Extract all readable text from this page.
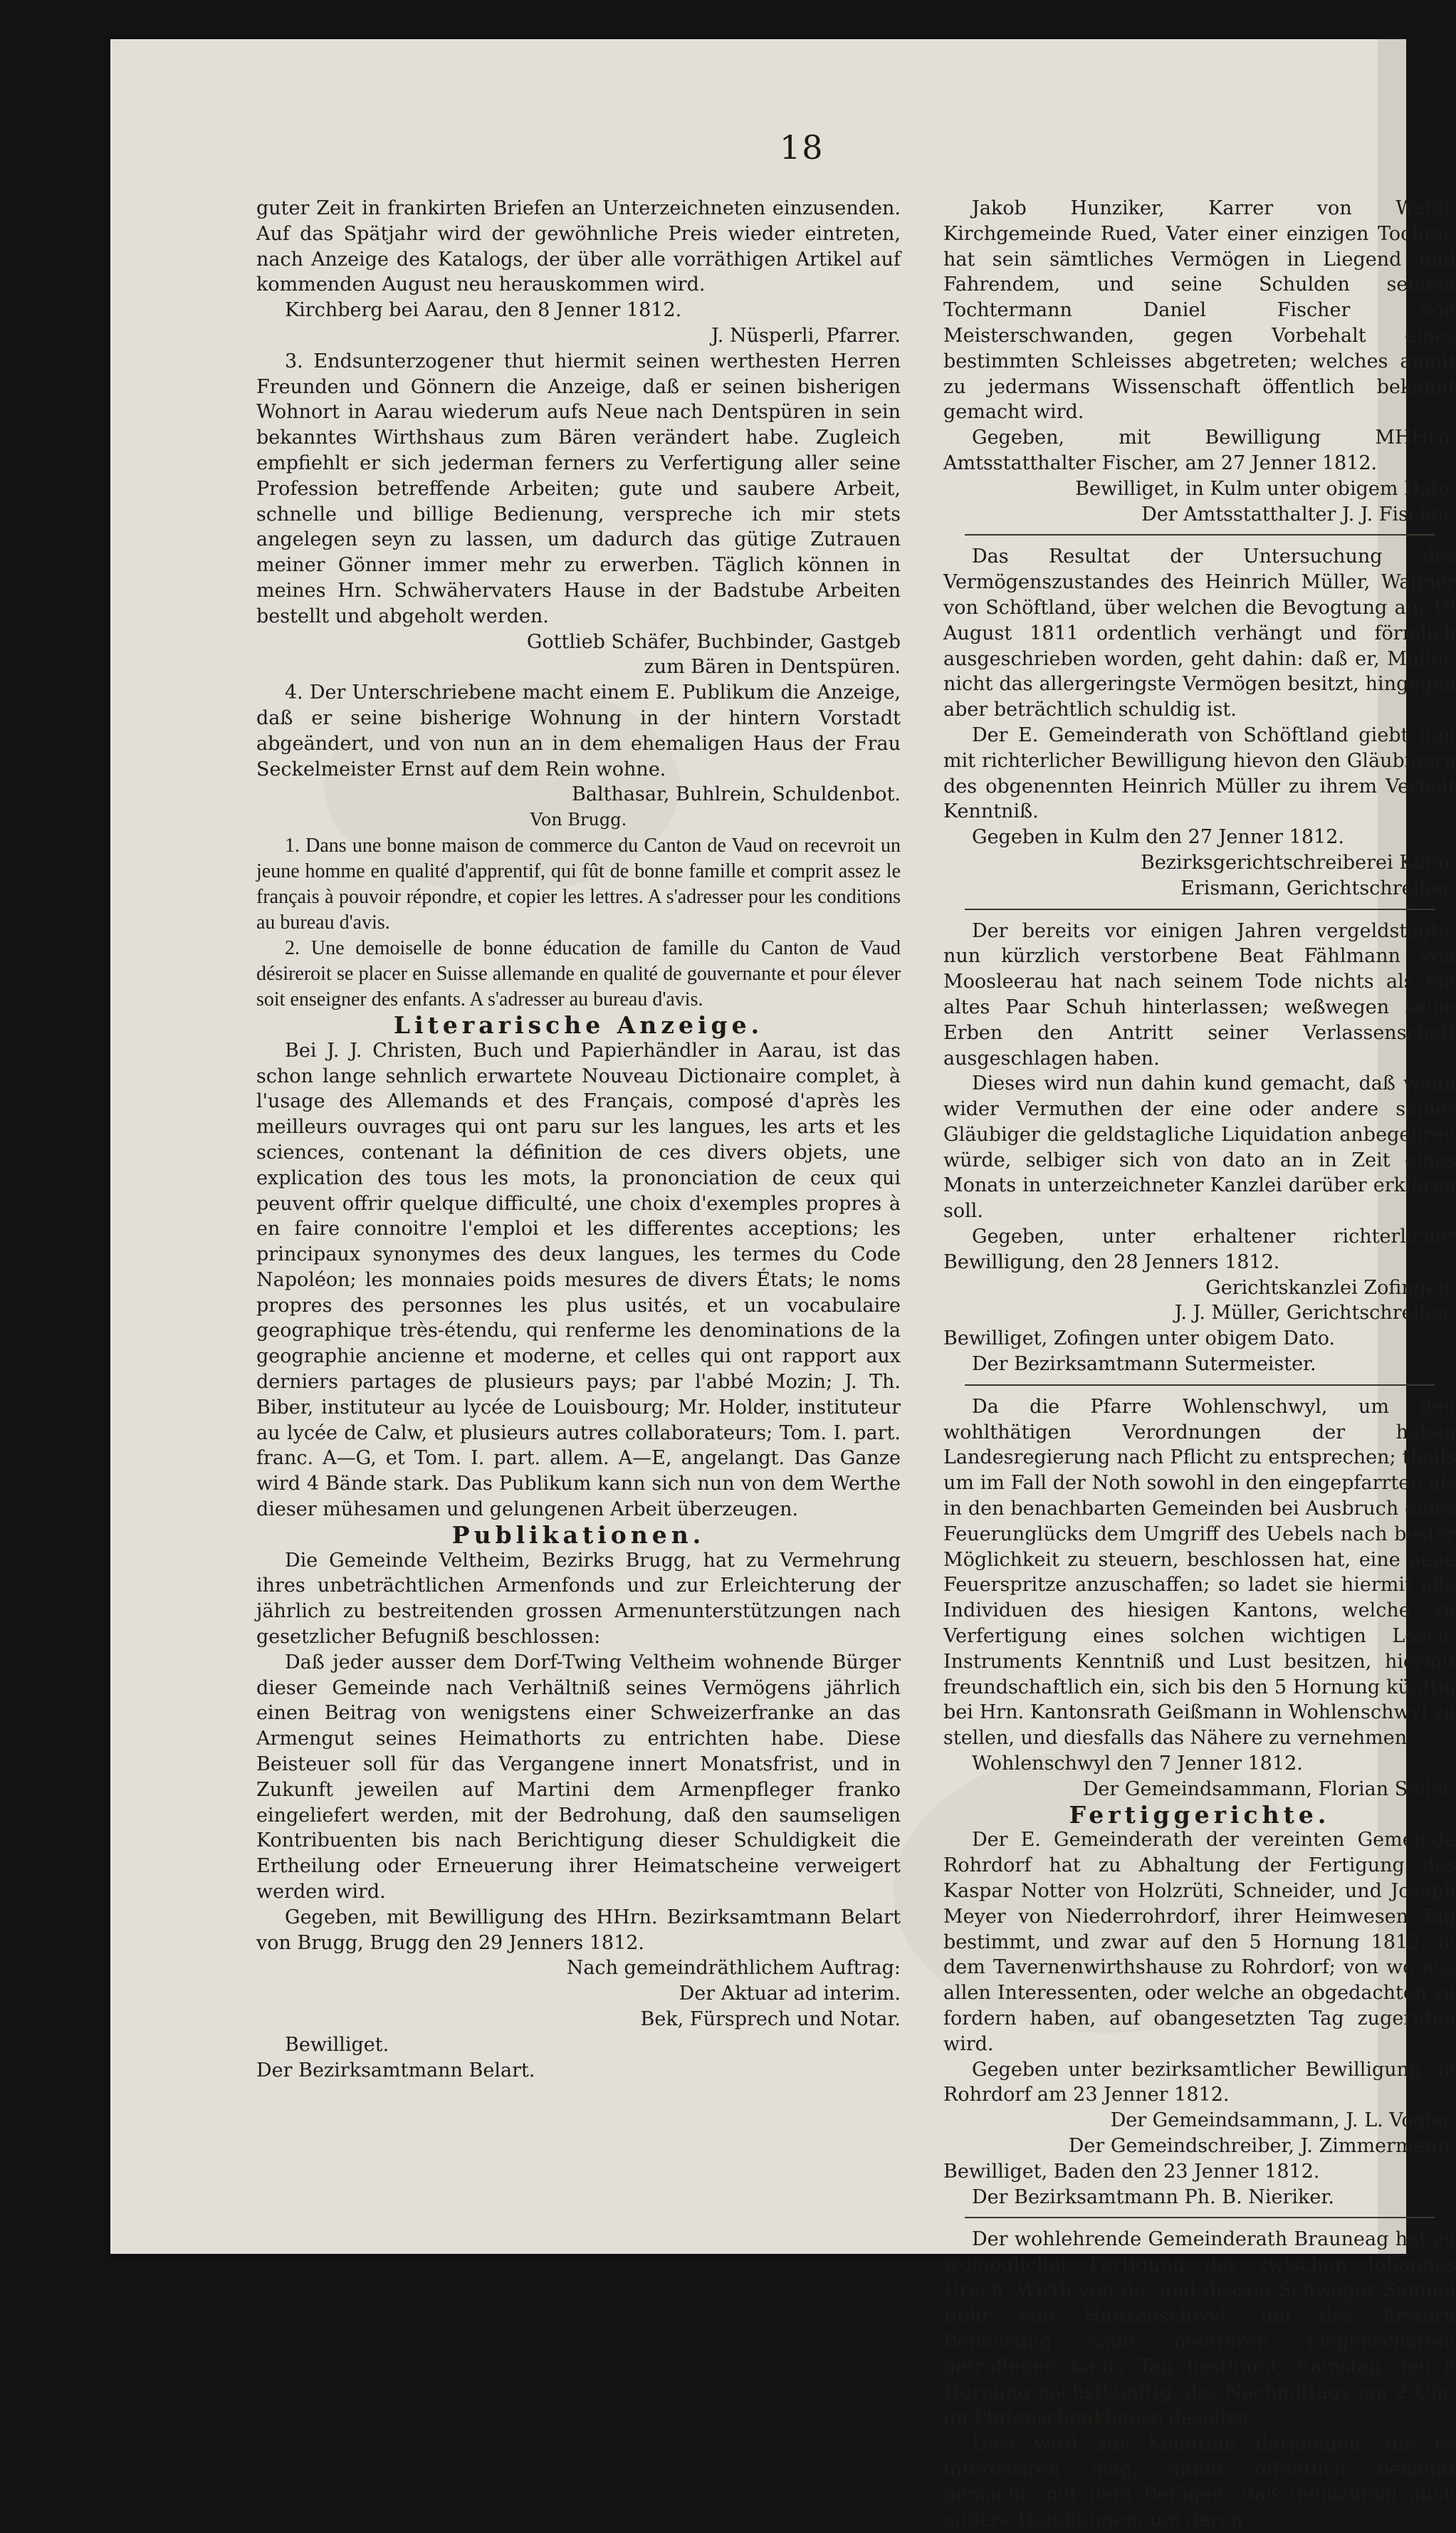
18

guter Zeit in frankirten Briefen an Unterzeichneten einzusenden. Auf das Spätjahr wird der gewöhnliche Preis wieder eintreten, nach Anzeige des Katalogs, der über alle vorräthigen Artikel auf kommenden August neu herauskommen wird.

Kirchberg bei Aarau, den 8 Jenner 1812.

J. Nüsperli, Pfarrer.

3. Endsunterzogener thut hiermit seinen werthesten Herren Freunden und Gönnern die Anzeige, daß er seinen bisherigen Wohnort in Aarau wiederum aufs Neue nach Dentspüren in sein bekanntes Wirthshaus zum Bären verändert habe. Zugleich empfiehlt er sich jederman ferners zu Verfertigung aller seine Profession betreffende Arbeiten; gute und saubere Arbeit, schnelle und billige Bedienung, verspreche ich mir stets angelegen seyn zu lassen, um dadurch das gütige Zutrauen meiner Gönner immer mehr zu erwerben. Täglich können in meines Hrn. Schwähervaters Hause in der Badstube Arbeiten bestellt und abgeholt werden.

Gottlieb Schäfer, Buchbinder, Gastgeb

zum Bären in Dentspüren.

4. Der Unterschriebene macht einem E. Publikum die Anzeige, daß er seine bisherige Wohnung in der hintern Vorstadt abgeändert, und von nun an in dem ehemaligen Haus der Frau Seckelmeister Ernst auf dem Rein wohne.

Balthasar, Buhlrein, Schuldenbot.

Von Brugg.

1. Dans une bonne maison de commerce du Canton de Vaud on recevroit un jeune homme en qualité d'apprentif, qui fût de bonne famille et comprit assez le français à pouvoir répondre, et copier les lettres. A s'adresser pour les conditions au bureau d'avis.

2. Une demoiselle de bonne éducation de famille du Canton de Vaud désireroit se placer en Suisse allemande en qualité de gouvernante et pour élever soit enseigner des enfants. A s'adresser au bureau d'avis.

Literarische Anzeige.

Bei J. J. Christen, Buch und Papierhändler in Aarau, ist das schon lange sehnlich erwartete Nouveau Dictionaire complet, à l'usage des Allemands et des Français, composé d'après les meilleurs ouvrages qui ont paru sur les langues, les arts et les sciences, contenant la définition de ces divers objets, une explication des tous les mots, la prononciation de ceux qui peuvent offrir quelque difficulté, une choix d'exemples propres à en faire connoitre l'emploi et les differentes acceptions; les principaux synonymes des deux langues, les termes du Code Napoléon; les monnaies poids mesures de divers États; le noms propres des personnes les plus usités, et un vocabulaire geographique très-étendu, qui renferme les denominations de la geographie ancienne et moderne, et celles qui ont rapport aux derniers partages de plusieurs pays; par l'abbé Mozin; J. Th. Biber, instituteur au lycée de Louisbourg; Mr. Holder, instituteur au lycée de Calw, et plusieurs autres collaborateurs; Tom. I. part. franc. A—G, et Tom. I. part. allem. A—E, angelangt. Das Ganze wird 4 Bände stark. Das Publikum kann sich nun von dem Werthe dieser mühesamen und gelungenen Arbeit überzeugen.

Publikationen.

Die Gemeinde Veltheim, Bezirks Brugg, hat zu Vermehrung ihres unbeträchtlichen Armenfonds und zur Erleichterung der jährlich zu bestreitenden grossen Armenunterstützungen nach gesetzlicher Befugniß beschlossen:

Daß jeder ausser dem Dorf-Twing Veltheim wohnende Bürger dieser Gemeinde nach Verhältniß seines Vermögens jährlich einen Beitrag von wenigstens einer Schweizerfranke an das Armengut seines Heimathorts zu entrichten habe. Diese Beisteuer soll für das Vergangene innert Monatsfrist, und in Zukunft jeweilen auf Martini dem Armenpfleger franko eingeliefert werden, mit der Bedrohung, daß den saumseligen Kontribuenten bis nach Berichtigung dieser Schuldigkeit die Ertheilung oder Erneuerung ihrer Heimatscheine verweigert werden wird.

Gegeben, mit Bewilligung des HHrn. Bezirksamtmann Belart von Brugg, Brugg den 29 Jenners 1812.

Nach gemeindräthlichem Auftrag:

Der Aktuar ad interim.

Bek, Fürsprech und Notar.

Bewilliget.

Der Bezirksamtmann Belart.

Jakob Hunziker, Karrer von Waldi, Kirchgemeinde Rued, Vater einer einzigen Tochter, hat sein sämtliches Vermögen in Liegend und Fahrendem, und seine Schulden seinem Tochtermann Daniel Fischer von Meisterschwanden, gegen Vorbehalt eines bestimmten Schleisses abgetreten; welches anmit zu jedermans Wissenschaft öffentlich bekannt gemacht wird.

Gegeben, mit Bewilligung MHHrn. Amtsstatthalter Fischer, am 27 Jenner 1812.

Bewilliget, in Kulm unter obigem Dato.

Der Amtsstatthalter J. J. Fischer.

Das Resultat der Untersuchung des Vermögenszustandes des Heinrich Müller, Wagner von Schöftland, über welchen die Bevogtung am 19 August 1811 ordentlich verhängt und förmlich ausgeschrieben worden, geht dahin: daß er, Müller, nicht das allergeringste Vermögen besitzt, hingegen aber beträchtlich schuldig ist.

Der E. Gemeinderath von Schöftland giebt nun mit richterlicher Bewilligung hievon den Gläubigern des obgenennten Heinrich Müller zu ihrem Verhalt Kenntniß.

Gegeben in Kulm den 27 Jenner 1812.

Bezirksgerichtschreiberei Kulm.

Erismann, Gerichtschreiber.

Der bereits vor einigen Jahren vergeldstagte, nun kürzlich verstorbene Beat Fählmann von Moosleerau hat nach seinem Tode nichts als ein altes Paar Schuh hinterlassen; weßwegen seine Erben den Antritt seiner Verlassenschaft ausgeschlagen haben.

Dieses wird nun dahin kund gemacht, daß wenn wider Vermuthen der eine oder andere seiner Gläubiger die geldstagliche Liquidation anbegehren würde, selbiger sich von dato an in Zeit eines Monats in unterzeichneter Kanzlei darüber erklären soll.

Gegeben, unter erhaltener richterlicher Bewilligung, den 28 Jenners 1812.

Gerichtskanzlei Zofingen.

J. J. Müller, Gerichtschreiber.

Bewilliget, Zofingen unter obigem Dato.

Der Bezirksamtmann Sutermeister.

Da die Pfarre Wohlenschwyl, um den wohlthätigen Verordnungen der hohen Landesregierung nach Pflicht zu entsprechen; theils um im Fall der Noth sowohl in den eingepfarrten als in den benachbarten Gemeinden bei Ausbruch eines Feuerunglücks dem Umgriff des Uebels nach bester Möglichkeit zu steuern, beschlossen hat, eine neue Feuerspritze anzuschaffen; so ladet sie hiermit alle Individuen des hiesigen Kantons, welche zu Verfertigung eines solchen wichtigen Lösch-Instruments Kenntniß und Lust besitzen, hiermit freundschaftlich ein, sich bis den 5 Hornung künftig bei Hrn. Kantonsrath Geißmann in Wohlenschwyl zu stellen, und diesfalls das Nähere zu vernehmen.

Wohlenschwyl den 7 Jenner 1812.

Der Gemeindsammann, Florian Seiler.

Fertiggerichte.

Der E. Gemeinderath der vereinten Gemeinde Rohrdorf hat zu Abhaltung der Fertigung des Kaspar Notter von Holzrüti, Schneider, und Joseph Meyer von Niederrohrdorf, ihrer Heimwesen Tag bestimmt, und zwar auf den 5 Hornung 1812, in dem Tavernenwirthshause zu Rohrdorf; von wo aus allen Interessenten, oder welche an obgedachten zu fordern haben, auf obangesetzten Tag zugerufen wird.

Gegeben unter bezirksamtlicher Bewilligung, in Rohrdorf am 23 Jenner 1812.

Der Gemeindsammann, J. L. Vogler.

Der Gemeindschreiber, J. Zimmermann.

Bewilliget, Baden den 23 Jenner 1812.

Der Bezirksamtmann Ph. B. Nieriker.

Der wohlehrende Gemeinderath Brauneag hat zu womöglicher Fertigung des zwischen Johannes Urech, Wirth von da, und dessen Schwager Samuel Rohr von Hunzenschwyl, um des Erstern Behausung samt mehreren Liegenschaften getroffenen Kaufs Tag bestimmt, Samstag den 8 Hornung nächstkünftig, des Nachmittags um 2 Uhr, im Pintenschenkhause daselbst.

Dies wird zur Kenntniß derjenigen, die es interessiren mag, anmit öffentlich bekannt gemacht, mit dem Befügen, daß dennzumal auch andere Handlungen, um deren
